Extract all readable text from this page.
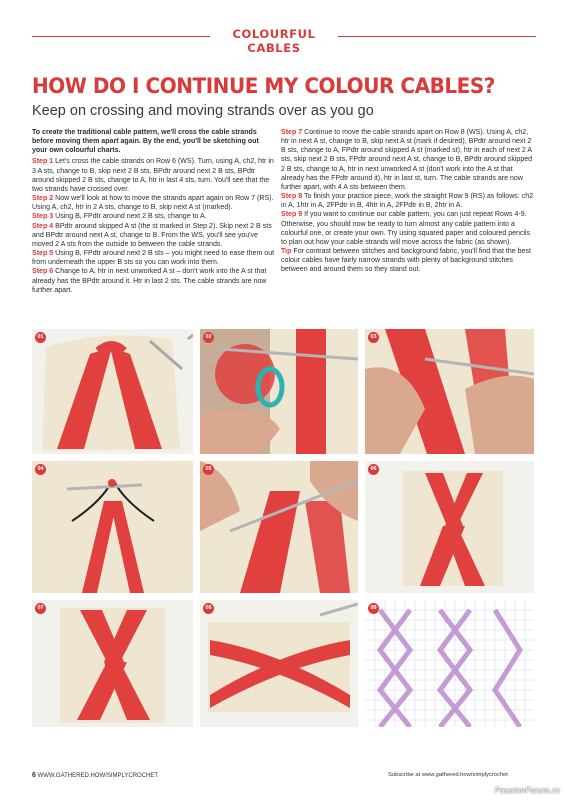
COLOURFUL CABLES
HOW DO I CONTINUE MY COLOUR CABLES?
Keep on crossing and moving strands over as you go

To create the traditional cable pattern, we'll cross the cable strands before moving them apart again. By the end, you'll be sketching out your own colourful charts.

Step 1 Let's cross the cable strands on Row 6 (WS). Turn, using A, ch2, htr in 3 A sts, change to B, skip next 2 B sts, BPdtr around next 2 B sts, BPdtr around skipped 2 B sts, change to A, htr in last 4 sts, turn. You'll see that the two strands have crossed over.

Step 2 Now we'll look at how to move the strands apart again on Row 7 (RS). Using A, ch2, htr in 2 A sts, change to B, skip next A st (marked).

Step 3 Using B, FPdtr around next 2 B sts, change to A.

Step 4 BPdtr around skipped A st (the st marked in Step 2). Skip next 2 B sts and BPdtr around next A st, change to B. From the WS, you'll see you've moved 2 A sts from the outside to between the cable strands.

Step 5 Using B, FPdtr around next 2 B sts – you might need to ease them out from underneath the upper B sts so you can work into them.

Step 6 Change to A, htr in next unworked A st – don't work into the A st that already has the BPdtr around it. Htr in last 2 sts. The cable strands are now further apart.

Step 7 Continue to move the cable strands apart on Row 8 (WS). Using A, ch2, htr in next A st, change to B, skip next A st (mark if desired), BPdtr around next 2 B sts, change to A, FPdtr around skipped A st (marked st), htr in each of next 2 A sts, skip next 2 B sts, FPdtr around next A st, change to B, BPdtr around skipped 2 B sts, change to A, htr in next unworked A st (don't work into the A st that already has the FPdtr around it), htr in last st, turn. The cable strands are now further apart, with 4 A sts between them.

Step 8 To finish your practice piece, work the straight Row 9 (RS) as follows: ch2 in A, 1htr in A, 2FPdtr in B, 4htr in A, 2FPdtr in B, 2htr in A.

Step 9 If you want to continue our cable pattern, you can just repeat Rows 4-9. Otherwise, you should now be ready to turn almost any cable pattern into a colourful one, or create your own. Try using squared paper and coloured pencils to plan out how your cable strands will move across the fabric (as shown).

Tip For contrast between stitches and background fabric, you'll find that the best colour cables have fairly narrow strands with plenty of background stitches between and around them so they stand out.

01	02	03
04	05	06
07	08	09
6 WWW.GATHERED.HOW/SIMPLYCROCHET	Subscribe at www.gathered.how/simplycrochet
PassionForum.ru
